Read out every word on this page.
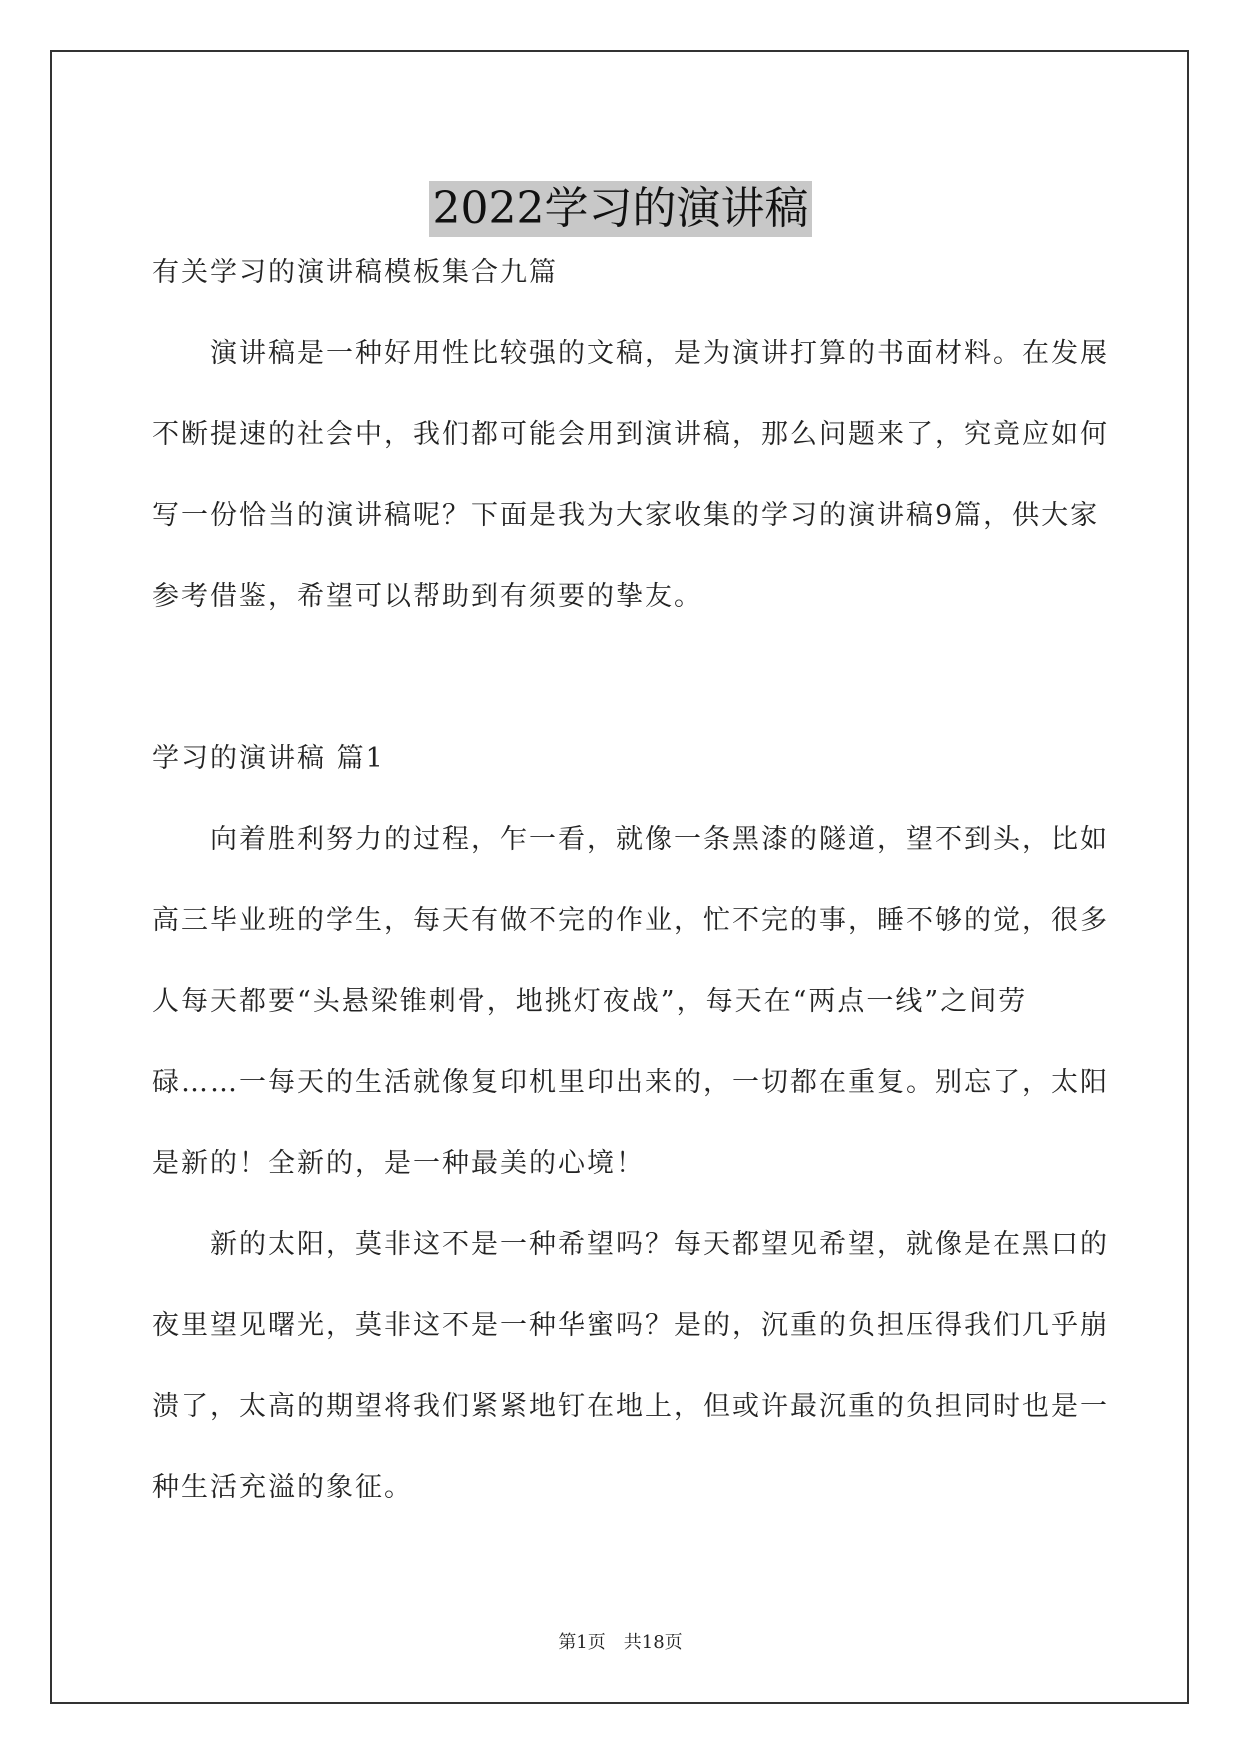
2022学习的演讲稿

有关学习的演讲稿模板集合九篇

演讲稿是一种好用性比较强的文稿，是为演讲打算的书面材料。在发展不断提速的社会中，我们都可能会用到演讲稿，那么问题来了，究竟应如何写一份恰当的演讲稿呢？下面是我为大家收集的学习的演讲稿9篇，供大家参考借鉴，希望可以帮助到有须要的挚友。

学习的演讲稿 篇1

向着胜利努力的过程，乍一看，就像一条黑漆的隧道，望不到头，比如高三毕业班的学生，每天有做不完的作业，忙不完的事，睡不够的觉，很多人每天都要“头悬梁锥刺骨，地挑灯夜战”，每天在“两点一线”之间劳碌……一每天的生活就像复印机里印出来的，一切都在重复。别忘了，太阳是新的！全新的，是一种最美的心境！

新的太阳，莫非这不是一种希望吗？每天都望见希望，就像是在黑口的夜里望见曙光，莫非这不是一种华蜜吗？是的，沉重的负担压得我们几乎崩溃了，太高的期望将我们紧紧地钉在地上，但或许最沉重的负担同时也是一种生活充溢的象征。

第1页　共18页
